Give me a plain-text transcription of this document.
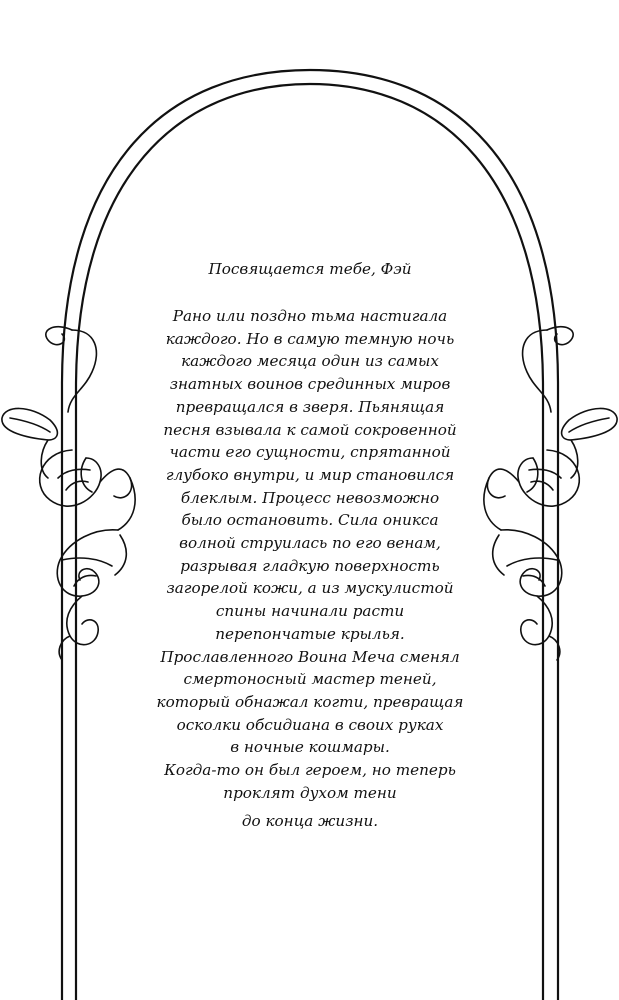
Посвящается тебе, Фэй
Рано или поздно тьма настигала
каждого. Но в самую темную ночь
каждого месяца один из самых
знатных воинов срединных миров
превращался в зверя. Пьянящая
песня взывала к самой сокровенной
части его сущности, спрятанной
глубоко внутри, и мир становился
блеклым. Процесс невозможно
было остановить. Сила оникса
волной струилась по его венам,
разрывая гладкую поверхность
загорелой кожи, а из мускулистой
спины начинали расти
перепончатые крылья.
Прославленного Воина Меча сменял
смертоносный мастер теней,
который обнажал когти, превращая
осколки обсидиана в своих руках
в ночные кошмары.
Когда-то он был героем, но теперь
проклят духом тени
до конца жизни.
